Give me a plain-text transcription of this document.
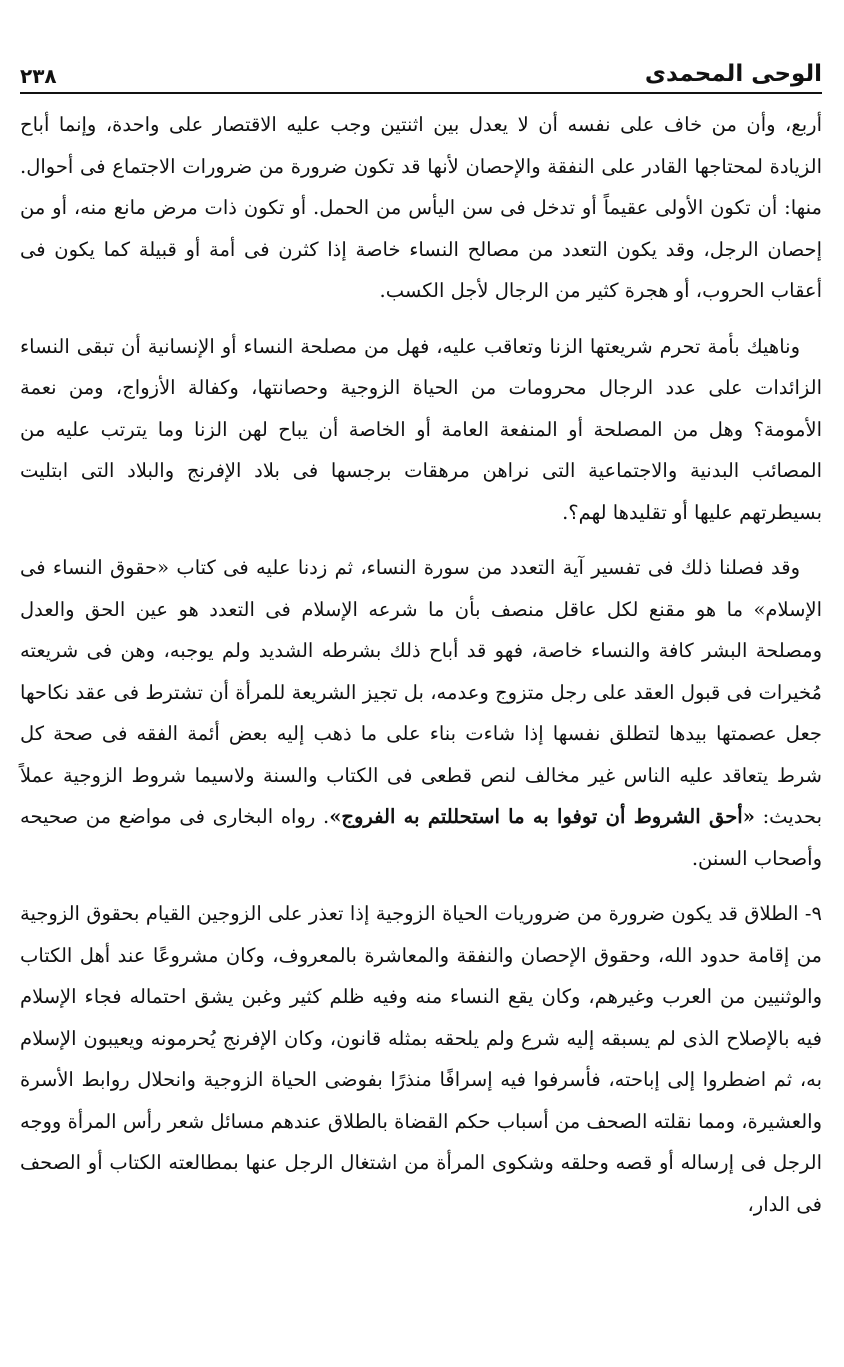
الوحى المحمدى
٢٣٨

أربع، وأن من خاف على نفسه أن لا يعدل بين اثنتين وجب عليه الاقتصار على واحدة، وإنما أباح الزيادة لمحتاجها القادر على النفقة والإحصان لأنها قد تكون ضرورة من ضرورات الاجتماع فى أحوال. منها: أن تكون الأولى عقيماً أو تدخل فى سن اليأس من الحمل. أو تكون ذات مرض مانع منه، أو من إحصان الرجل، وقد يكون التعدد من مصالح النساء خاصة إذا كثرن فى أمة أو قبيلة كما يكون فى أعقاب الحروب، أو هجرة كثير من الرجال لأجل الكسب.

وناهيك بأمة تحرم شريعتها الزنا وتعاقب عليه، فهل من مصلحة النساء أو الإنسانية أن تبقى النساء الزائدات على عدد الرجال محرومات من الحياة الزوجية وحصانتها، وكفالة الأزواج، ومن نعمة الأمومة؟ وهل من المصلحة أو المنفعة العامة أو الخاصة أن يباح لهن الزنا وما يترتب عليه من المصائب البدنية والاجتماعية التى نراهن مرهقات برجسها فى بلاد الإفرنج والبلاد التى ابتليت بسيطرتهم عليها أو تقليدها لهم؟.

وقد فصلنا ذلك فى تفسير آية التعدد من سورة النساء، ثم زدنا عليه فى كتاب «حقوق النساء فى الإسلام» ما هو مقنع لكل عاقل منصف بأن ما شرعه الإسلام فى التعدد هو عين الحق والعدل ومصلحة البشر كافة والنساء خاصة، فهو قد أباح ذلك بشرطه الشديد ولم يوجبه، وهن فى شريعته مُخيرات فى قبول العقد على رجل متزوج وعدمه، بل تجيز الشريعة للمرأة أن تشترط فى عقد نكاحها جعل عصمتها بيدها لتطلق نفسها إذا شاءت بناء على ما ذهب إليه بعض أئمة الفقه فى صحة كل شرط يتعاقد عليه الناس غير مخالف لنص قطعى فى الكتاب والسنة ولاسيما شروط الزوجية عملاً بحديث: «أحق الشروط أن توفوا به ما استحللتم به الفروج». رواه البخارى فى مواضع من صحيحه وأصحاب السنن.

٩- الطلاق قد يكون ضرورة من ضروريات الحياة الزوجية إذا تعذر على الزوجين القيام بحقوق الزوجية من إقامة حدود الله، وحقوق الإحصان والنفقة والمعاشرة بالمعروف، وكان مشروعًا عند أهل الكتاب والوثنيين من العرب وغيرهم، وكان يقع النساء منه وفيه ظلم كثير وغبن يشق احتماله فجاء الإسلام فيه بالإصلاح الذى لم يسبقه إليه شرع ولم يلحقه بمثله قانون، وكان الإفرنج يُحرمونه ويعيبون الإسلام به، ثم اضطروا إلى إباحته، فأسرفوا فيه إسرافًا منذرًا بفوضى الحياة الزوجية وانحلال روابط الأسرة والعشيرة، ومما نقلته الصحف من أسباب حكم القضاة بالطلاق عندهم مسائل شعر رأس المرأة ووجه الرجل فى إرساله أو قصه وحلقه وشكوى المرأة من اشتغال الرجل عنها بمطالعته الكتاب أو الصحف فى الدار،
